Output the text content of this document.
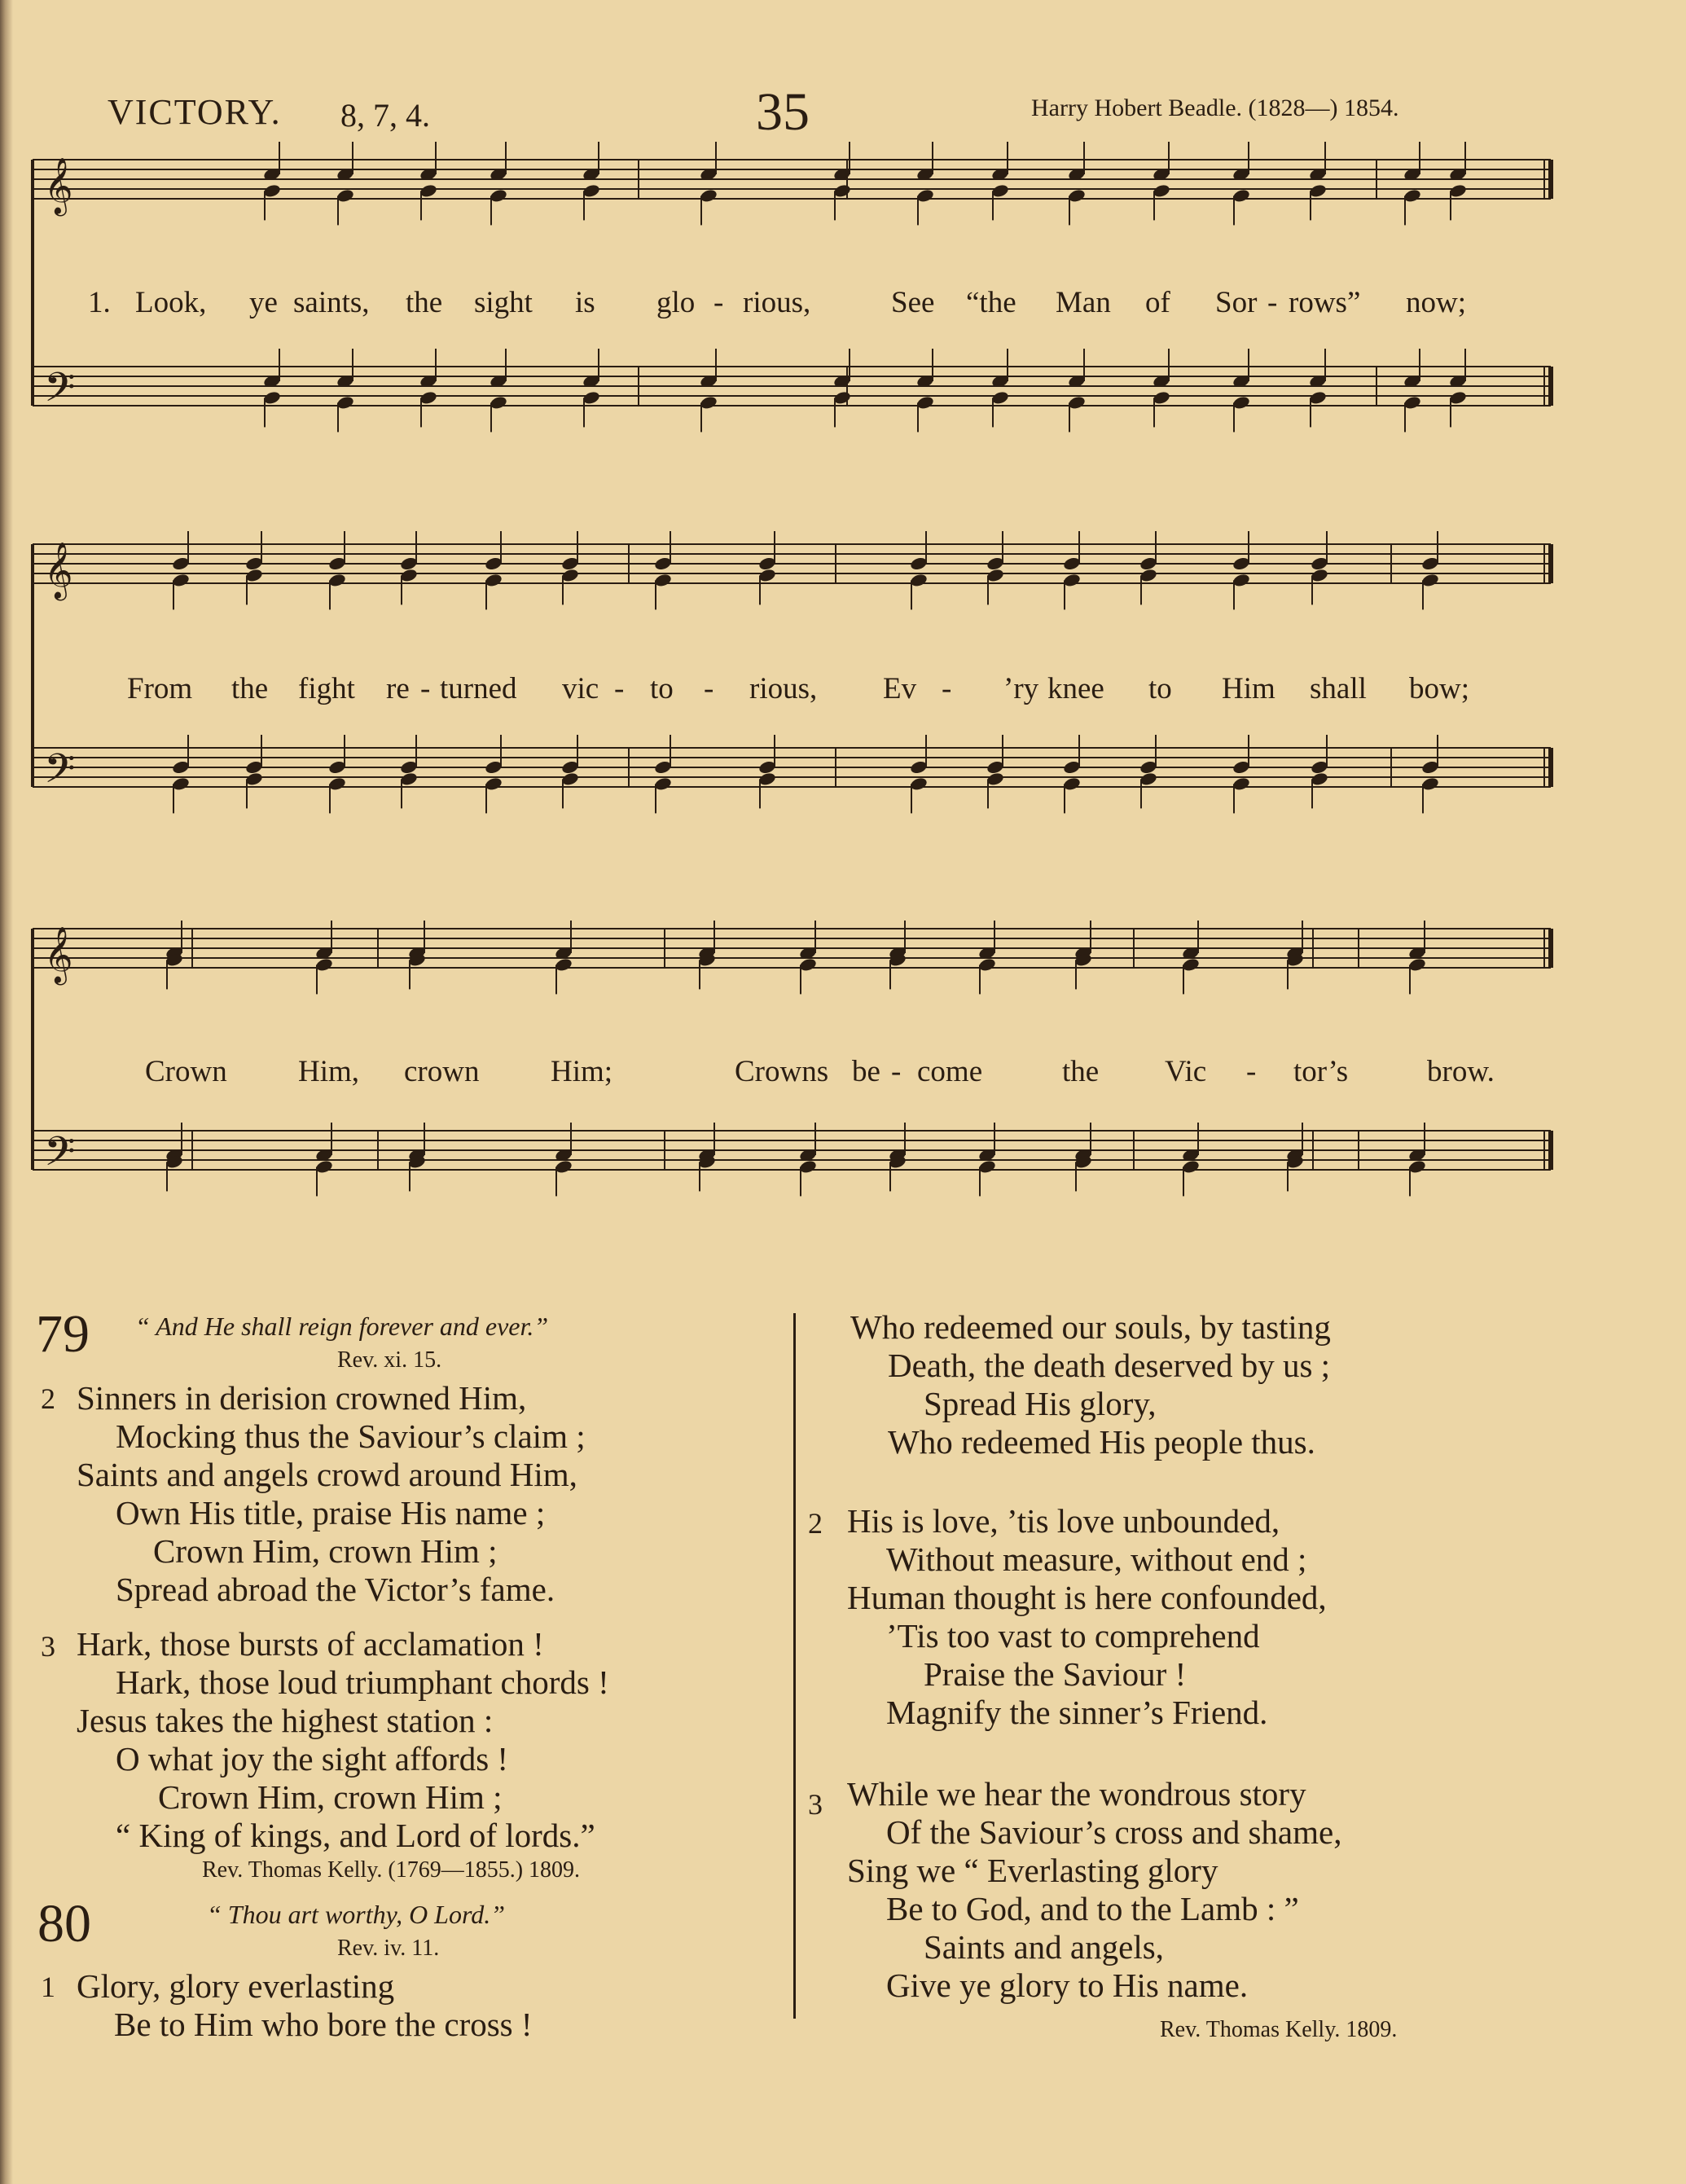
VICTORY. 8, 7, 4.	35	Harry Hobert Beadle. (1828—) 1854.
𝄞
𝄢
𝄞
𝄢
𝄞
𝄢
1. Look, ye saints, the sight is glo - rious,	See “the Man of Sor - rows” now;
From the fight re - turned vic - to - rious, Ev - ’ry knee to Him shall bow;
Crown Him, crown Him;	Crowns be - come	the Vic - tor’s	brow.
79 “ And He shall reign forever and ever.”
Rev. xi. 15.
2 Sinners in derision crowned Him,
Mocking thus the Saviour’s claim ;
Saints and angels crowd around Him,
Own His title, praise His name ;
Crown Him, crown Him ;
Spread abroad the Victor’s fame.
3 Hark, those bursts of acclamation !
Hark, those loud triumphant chords !
Jesus takes the highest station :
O what joy the sight affords !
Crown Him, crown Him ;
“ King of kings, and Lord of lords.”
Rev. Thomas Kelly. (1769—1855.) 1809.
80	“ Thou art worthy, O Lord.”
Rev. iv. 11.
1 Glory, glory everlasting
Be to Him who bore the cross !
Who redeemed our souls, by tasting
Death, the death deserved by us ;
Spread His glory,
Who redeemed His people thus.
2 His is love, ’tis love unbounded,
Without measure, without end ;
Human thought is here confounded,
’Tis too vast to comprehend
Praise the Saviour !
Magnify the sinner’s Friend.
3 While we hear the wondrous story
Of the Saviour’s cross and shame,
Sing we “ Everlasting glory
Be to God, and to the Lamb : ”
Saints and angels,
Give ye glory to His name.
Rev. Thomas Kelly. 1809.
